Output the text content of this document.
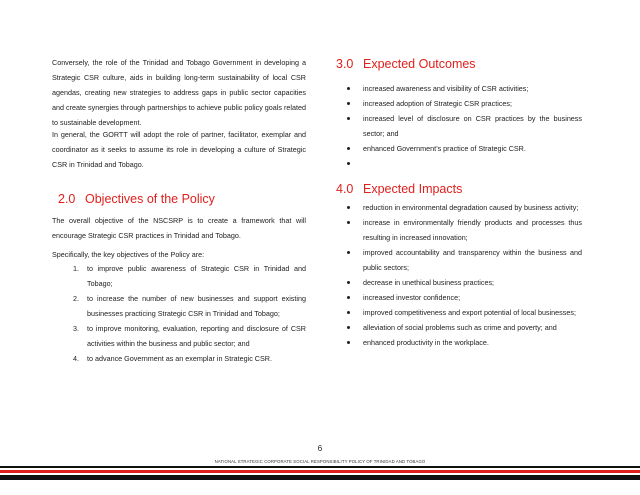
Conversely, the role of the Trinidad and Tobago Government in developing a Strategic CSR culture, aids in building long-term sustainability of local CSR agendas, creating new strategies to address gaps in public sector capacities and create synergies through partnerships to achieve public policy goals related to sustainable development.

In general, the GORTT will adopt the role of partner, facilitator, exemplar and coordinator as it seeks to assume its role in developing a culture of Strategic CSR in Trinidad and Tobago.

2.0 Objectives of the Policy

The overall objective of the NSCSRP is to create a framework that will encourage Strategic CSR practices in Trinidad and Tobago.

Specifically, the key objectives of the Policy are:

1. to improve public awareness of Strategic CSR in Trinidad and Tobago;
2. to increase the number of new businesses and support existing businesses practicing Strategic CSR in Trinidad and Tobago;
3. to improve monitoring, evaluation, reporting and disclosure of CSR activities within the business and public sector; and
4. to advance Government as an exemplar in Strategic CSR.
3.0 Expected Outcomes
increased awareness and visibility of CSR activities;
increased adoption of Strategic CSR practices;
increased level of disclosure on CSR practices by the business sector; and
enhanced Government’s practice of Strategic CSR.
4.0 Expected Impacts
reduction in environmental degradation caused by business activity;
increase in environmentally friendly products and processes thus resulting in increased innovation;
improved accountability and transparency within the business and public sectors;
decrease in unethical business practices;
increased investor confidence;
improved competitiveness and export potential of local businesses;
alleviation of social problems such as crime and poverty; and
enhanced productivity in the workplace.
6
NATIONAL STRATEGIC CORPORATE SOCIAL RESPONSIBILITY POLICY OF TRINIDAD AND TOBAGO
